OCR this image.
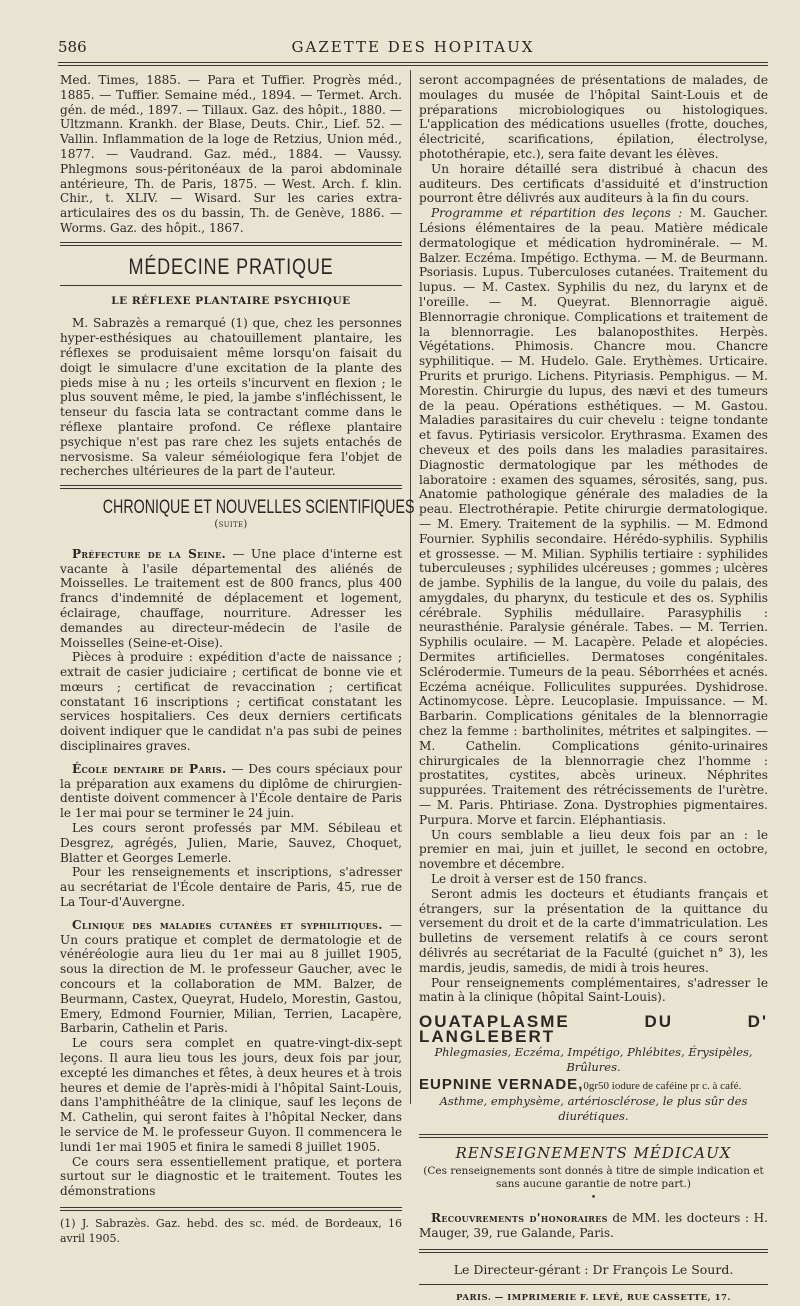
586	GAZETTE DES HOPITAUX

Med. Times, 1885. — Para et Tuffier. Progrès méd., 1885. — Tuffier. Semaine méd., 1894. — Termet. Arch. gén. de méd., 1897. — Tillaux. Gaz. des hôpit., 1880. — Ultzmann. Krankh. der Blase, Deuts. Chir., Lief. 52. — Vallin. Inflammation de la loge de Retzius, Union méd., 1877. — Vaudrand. Gaz. méd., 1884. — Vaussy. Phlegmons sous-péritonéaux de la paroi abdominale antérieure, Th. de Paris, 1875. — West. Arch. f. klin. Chir., t. XLIV. — Wisard. Sur les caries extra-articulaires des os du bassin, Th. de Genève, 1886. — Worms. Gaz. des hôpit., 1867.

MÉDECINE PRATIQUE
LE RÉFLEXE PLANTAIRE PSYCHIQUE

M. Sabrazès a remarqué (1) que, chez les personnes hyper-esthésiques au chatouillement plantaire, les réflexes se produisaient même lorsqu'on faisait du doigt le simulacre d'une excitation de la plante des pieds mise à nu ; les orteils s'incurvent en flexion ; le plus souvent même, le pied, la jambe s'infléchissent, le tenseur du fascia lata se contractant comme dans le réflexe plantaire profond. Ce réflexe plantaire psychique n'est pas rare chez les sujets entachés de nervosisme. Sa valeur séméiologique fera l'objet de recherches ultérieures de la part de l'auteur.

CHRONIQUE ET NOUVELLES SCIENTIFIQUES
(suite)

Préfecture de la Seine. — Une place d'interne est vacante à l'asile départemental des aliénés de Moisselles. Le traitement est de 800 francs, plus 400 francs d'indemnité de déplacement et logement, éclairage, chauffage, nourriture. Adresser les demandes au directeur-médecin de l'asile de Moisselles (Seine-et-Oise).

Pièces à produire : expédition d'acte de naissance ; extrait de casier judiciaire ; certificat de bonne vie et mœurs ; certificat de revaccination ; certificat constatant 16 inscriptions ; certificat constatant les services hospitaliers. Ces deux derniers certificats doivent indiquer que le candidat n'a pas subi de peines disciplinaires graves.

École dentaire de Paris. — Des cours spéciaux pour la préparation aux examens du diplôme de chirurgien-dentiste doivent commencer à l'École dentaire de Paris le 1er mai pour se terminer le 24 juin.

Les cours seront professés par MM. Sébileau et Desgrez, agrégés, Julien, Marie, Sauvez, Choquet, Blatter et Georges Lemerle.

Pour les renseignements et inscriptions, s'adresser au secrétariat de l'École dentaire de Paris, 45, rue de La Tour-d'Auvergne.

Clinique des maladies cutanées et syphilitiques. — Un cours pratique et complet de dermatologie et de vénéréologie aura lieu du 1er mai au 8 juillet 1905, sous la direction de M. le professeur Gaucher, avec le concours et la collaboration de MM. Balzer, de Beurmann, Castex, Queyrat, Hudelo, Morestin, Gastou, Emery, Edmond Fournier, Milian, Terrien, Lacapère, Barbarin, Cathelin et Paris.

Le cours sera complet en quatre-vingt-dix-sept leçons. Il aura lieu tous les jours, deux fois par jour, excepté les dimanches et fêtes, à deux heures et à trois heures et demie de l'après-midi à l'hôpital Saint-Louis, dans l'amphithéâtre de la clinique, sauf les leçons de M. Cathelin, qui seront faites à l'hôpital Necker, dans le service de M. le professeur Guyon. Il commencera le lundi 1er mai 1905 et finira le samedi 8 juillet 1905.

Ce cours sera essentiellement pratique, et portera surtout sur le diagnostic et le traitement. Toutes les démonstrations

(1) J. Sabrazès. Gaz. hebd. des sc. méd. de Bordeaux, 16 avril 1905.

seront accompagnées de présentations de malades, de moulages du musée de l'hôpital Saint-Louis et de préparations microbiologiques ou histologiques. L'application des médications usuelles (frotte, douches, électricité, scarifications, épilation, électrolyse, photothérapie, etc.), sera faite devant les élèves.

Un horaire détaillé sera distribué à chacun des auditeurs. Des certificats d'assiduité et d'instruction pourront être délivrés aux auditeurs à la fin du cours.

Programme et répartition des leçons : M. Gaucher. Lésions élémentaires de la peau. Matière médicale dermatologique et médication hydrominérale. — M. Balzer. Eczéma. Impétigo. Ecthyma. — M. de Beurmann. Psoriasis. Lupus. Tuberculoses cutanées. Traitement du lupus. — M. Castex. Syphilis du nez, du larynx et de l'oreille. — M. Queyrat. Blennorragie aiguë. Blennorragie chronique. Complications et traitement de la blennorragie. Les balanoposthites. Herpès. Végétations. Phimosis. Chancre mou. Chancre syphilitique. — M. Hudelo. Gale. Erythèmes. Urticaire. Prurits et prurigo. Lichens. Pityriasis. Pemphigus. — M. Morestin. Chirurgie du lupus, des nævi et des tumeurs de la peau. Opérations esthétiques. — M. Gastou. Maladies parasitaires du cuir chevelu : teigne tondante et favus. Pytiriasis versicolor. Erythrasma. Examen des cheveux et des poils dans les maladies parasitaires. Diagnostic dermatologique par les méthodes de laboratoire : examen des squames, sérosités, sang, pus. Anatomie pathologique générale des maladies de la peau. Electrothérapie. Petite chirurgie dermatologique. — M. Emery. Traitement de la syphilis. — M. Edmond Fournier. Syphilis secondaire. Hérédo-syphilis. Syphilis et grossesse. — M. Milian. Syphilis tertiaire : syphilides tuberculeuses ; syphilides ulcéreuses ; gommes ; ulcères de jambe. Syphilis de la langue, du voile du palais, des amygdales, du pharynx, du testicule et des os. Syphilis cérébrale. Syphilis médullaire. Parasyphilis : neurasthénie. Paralysie générale. Tabes. — M. Terrien. Syphilis oculaire. — M. Lacapère. Pelade et alopécies. Dermites artificielles. Dermatoses congénitales. Sclérodermie. Tumeurs de la peau. Séborrhées et acnés. Eczéma acnéique. Folliculites suppurées. Dyshidrose. Actinomycose. Lèpre. Leucoplasie. Impuissance. — M. Barbarin. Complications génitales de la blennorragie chez la femme : bartholinites, métrites et salpingites. — M. Cathelin. Complications génito-urinaires chirurgicales de la blennorragie chez l'homme : prostatites, cystites, abcès urineux. Néphrites suppurées. Traitement des rétrécissements de l'urètre. — M. Paris. Phtiriase. Zona. Dystrophies pigmentaires. Purpura. Morve et farcin. Eléphantiasis.

Un cours semblable a lieu deux fois par an : le premier en mai, juin et juillet, le second en octobre, novembre et décembre.

Le droit à verser est de 150 francs.

Seront admis les docteurs et étudiants français et étrangers, sur la présentation de la quittance du versement du droit et de la carte d'immatriculation. Les bulletins de versement relatifs à ce cours seront délivrés au secrétariat de la Faculté (guichet n° 3), les mardis, jeudis, samedis, de midi à trois heures.

Pour renseignements complémentaires, s'adresser le matin à la clinique (hôpital Saint-Louis).

OUATAPLASME DU D' LANGLEBERT
Phlegmasies, Eczéma, Impétigo, Phlébites, Érysipèles, Brûlures.
EUPNINE VERNADE,0gr50 iodure de caféine pr c. à café.
Asthme, emphysème, artériosclérose, le plus sûr des diurétiques.
RENSEIGNEMENTS MÉDICAUX
(Ces renseignements sont donnés à titre de simple indication et sans aucune garantie de notre part.)
•

Recouvrements d'honoraires de MM. les docteurs : H. Mauger, 39, rue Galande, Paris.

Le Directeur-gérant : Dr François Le Sourd.
PARIS. — IMPRIMERIE F. LEVÉ, RUE CASSETTE, 17.
